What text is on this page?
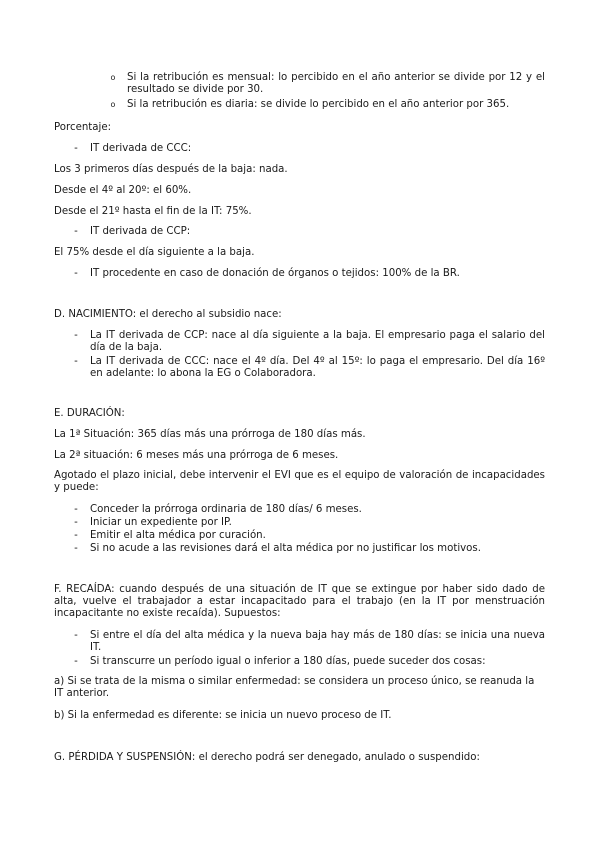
o Si la retribución es mensual: lo percibido en el año anterior se divide por 12 y el resultado se divide por 30.
o Si la retribución es diaria: se divide lo percibido en el año anterior por 365.
Porcentaje:
-	IT derivada de CCC:
Los 3 primeros días después de la baja: nada.
Desde el 4º al 20º: el 60%.
Desde el 21º hasta el fin de la IT: 75%.
-	IT derivada de CCP:
El 75% desde el día siguiente a la baja.
-	IT procedente en caso de donación de órganos o tejidos: 100% de la BR.
D. NACIMIENTO: el derecho al subsidio nace:
-	La IT derivada de CCP: nace al día siguiente a la baja. El empresario paga el salario del día de la baja.
-	La IT derivada de CCC: nace el 4º día. Del 4º al 15º: lo paga el empresario. Del día 16º en adelante: lo abona la EG o Colaboradora.
E. DURACIÓN:
La 1ª Situación: 365 días más una prórroga de 180 días más.
La 2ª situación: 6 meses más una prórroga de 6 meses.
Agotado el plazo inicial, debe intervenir el EVI que es el equipo de valoración de incapacidades y puede:
-	Conceder la prórroga ordinaria de 180 días/ 6 meses.
-	Iniciar un expediente por IP.
-	Emitir el alta médica por curación.
-	Si no acude a las revisiones dará el alta médica por no justificar los motivos.
F. RECAÍDA: cuando después de una situación de IT que se extingue por haber sido dado de alta, vuelve el trabajador a estar incapacitado para el trabajo (en la IT por menstruación incapacitante no existe recaída). Supuestos:
-	Si entre el día del alta médica y la nueva baja hay más de 180 días: se inicia una nueva IT.
-	Si transcurre un período igual o inferior a 180 días, puede suceder dos cosas:
a) Si se trata de la misma o similar enfermedad: se considera un proceso único, se reanuda la IT anterior.
b) Si la enfermedad es diferente: se inicia un nuevo proceso de IT.
G. PÉRDIDA Y SUSPENSIÓN: el derecho podrá ser denegado, anulado o suspendido:
